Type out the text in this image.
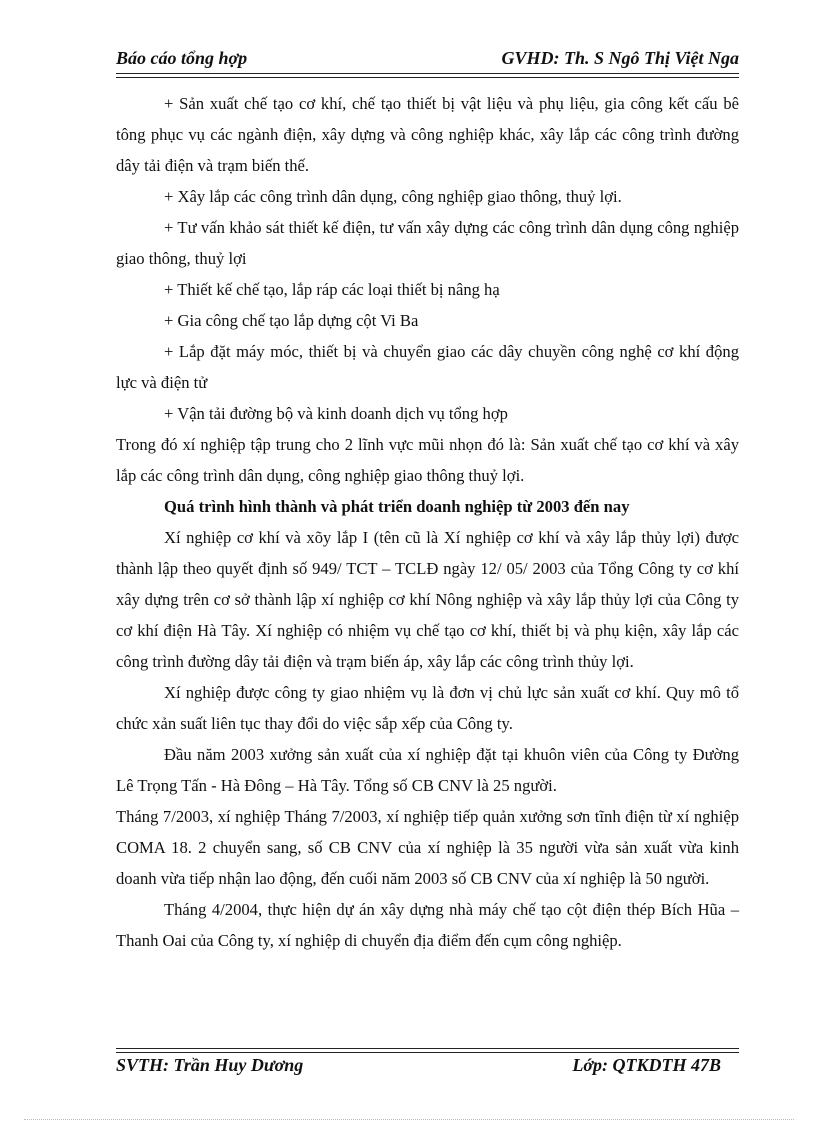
Báo cáo tổng hợp	GVHD: Th. S Ngô Thị Việt Nga

+ Sản xuất chế tạo cơ khí, chế tạo thiết bị vật liệu và phụ liệu, gia công kết cấu bê tông phục vụ các ngành điện, xây dựng và công nghiệp khác, xây lắp các công trình đường dây tải điện và trạm biến thế.

+ Xây lắp các công trình dân dụng, công nghiệp giao thông, thuỷ lợi.

+ Tư vấn khảo sát thiết kế điện, tư vấn xây dựng các công trình dân dụng công nghiệp giao thông, thuỷ lợi

+ Thiết kế chế tạo, lắp ráp các loại thiết bị nâng hạ

+ Gia công chế tạo lắp dựng cột Vi Ba

+ Lắp đặt máy móc, thiết bị và chuyển giao các dây chuyền công nghệ cơ khí động lực và điện tử

+ Vận tải đường bộ và kinh doanh dịch vụ tổng hợp

Trong đó xí nghiệp tập trung cho 2 lĩnh vực mũi nhọn đó là: Sản xuất chế tạo cơ khí và xây lắp các công trình dân dụng, công nghiệp giao thông thuỷ lợi.

Quá trình hình thành và phát triển doanh nghiệp từ 2003 đến nay

Xí nghiệp cơ khí và xõy lắp I (tên cũ là Xí nghiệp cơ khí và xây lắp thủy lợi) được thành lập theo quyết định số 949/ TCT – TCLĐ ngày 12/ 05/ 2003 của Tổng Công ty cơ khí xây dựng trên cơ sở thành lập xí nghiệp cơ khí Nông nghiệp và xây lắp thủy lợi của Công ty cơ khí điện Hà Tây. Xí nghiệp có nhiệm vụ chế tạo cơ khí, thiết bị và phụ kiện, xây lắp các công trình đường dây tải điện và trạm biến áp, xây lắp các công trình thủy lợi.

Xí nghiệp được công ty giao nhiệm vụ là đơn vị chủ lực sản xuất cơ khí. Quy mô tổ chức xản suất liên tục thay đổi do việc sắp xếp của Công ty.

Đầu năm 2003 xưởng sản xuất của xí nghiệp đặt tại khuôn viên của Công ty Đường Lê Trọng Tấn - Hà Đông – Hà Tây. Tổng số CB CNV là 25 người.

Tháng 7/2003, xí nghiệp Tháng 7/2003, xí nghiệp tiếp quản xưởng sơn tĩnh điện từ xí nghiệp COMA 18. 2 chuyển sang, số CB CNV của xí nghiệp là 35 người vừa sản xuất vừa kinh doanh vừa tiếp nhận lao động, đến cuối năm 2003 số CB CNV của xí nghiệp là 50 người.

Tháng 4/2004, thực hiện dự án xây dựng nhà máy chế tạo cột điện thép Bích Hũa – Thanh Oai của Công ty, xí nghiệp di chuyển địa điểm đến cụm công nghiệp.

SVTH: Trần Huy Dương	Lớp: QTKDTH 47B
